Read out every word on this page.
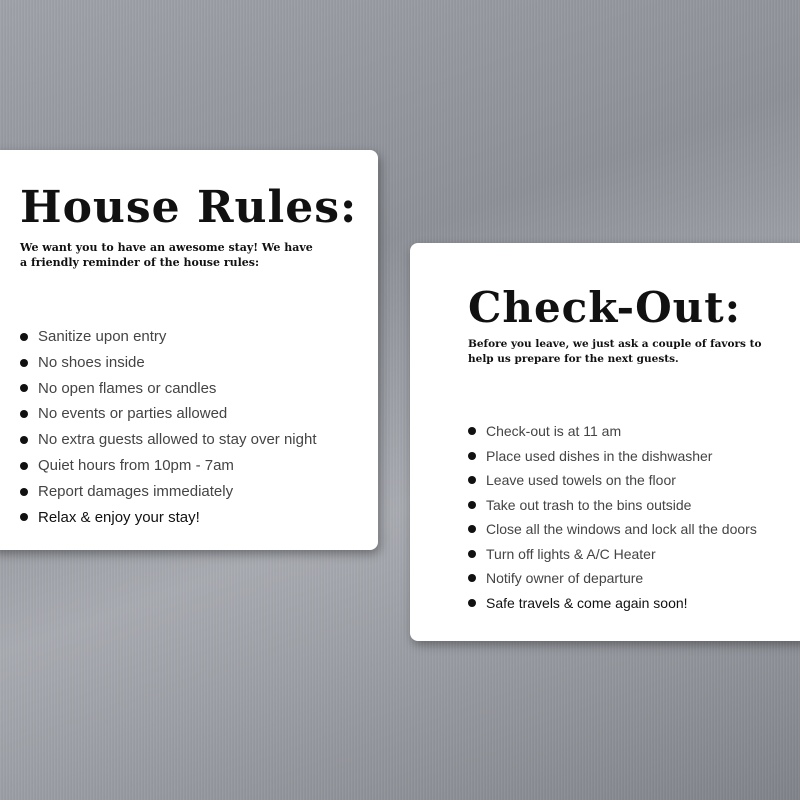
House Rules:

We want you to have an awesome stay! We have a friendly reminder of the house rules:

Sanitize upon entry
No shoes inside
No open flames or candles
No events or parties allowed
No extra guests allowed to stay over night
Quiet hours from 10pm - 7am
Report damages immediately
Relax & enjoy your stay!
Check-Out:

Before you leave, we just ask a couple of favors to help us prepare for the next guests.

Check-out is at 11 am
Place used dishes in the dishwasher
Leave used towels on the floor
Take out trash to the bins outside
Close all the windows and lock all the doors
Turn off lights & A/C Heater
Notify owner of departure
Safe travels & come again soon!
